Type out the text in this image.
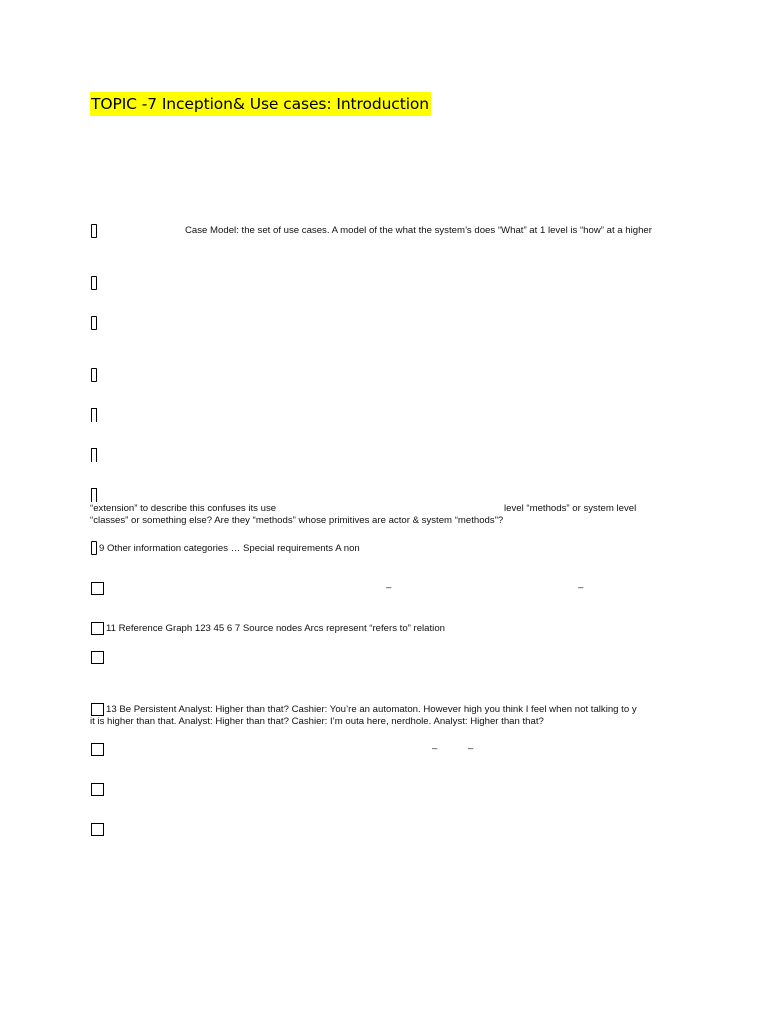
TOPIC -7 Inception& Use cases: Introduction
Case Model: the set of use cases. A model of the what the system’s does “What” at 1 level is “how” at a higher
“extension” to describe this confuses its use	level “methods” or system level
“classes” or something else? Are they “methods” whose primitives are actor & system “methods”?
9 Other information categories … Special requirements A non
–	–
11 Reference Graph 123 45 6 7 Source nodes Arcs represent “refers to” relation
13 Be Persistent Analyst: Higher than that? Cashier: You’re an automaton. However high you think I feel when not talking to y
it is higher than that. Analyst: Higher than that? Cashier: I’m outa here, nerdhole. Analyst: Higher than that?
–	–
